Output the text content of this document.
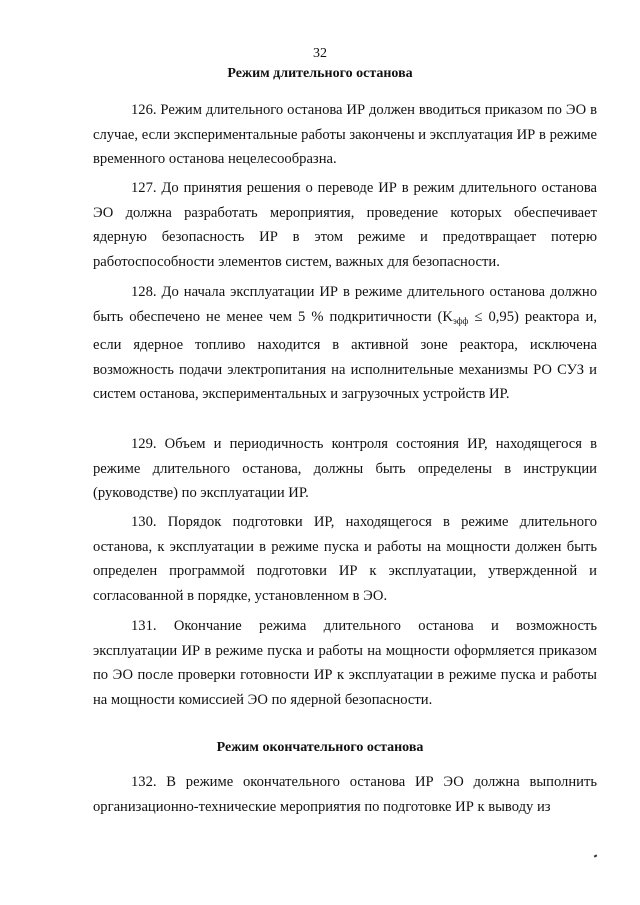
32
Режим длительного останова

126. Режим длительного останова ИР должен вводиться приказом по ЭО в случае, если экспериментальные работы закончены и эксплуатация ИР в режиме временного останова нецелесообразна.

127. До принятия решения о переводе ИР в режим длительного останова ЭО должна разработать мероприятия, проведение которых обеспечивает ядерную безопасность ИР в этом режиме и предотвращает потерю работоспособности элементов систем, важных для безопасности.

128. До начала эксплуатации ИР в режиме длительного останова должно быть обеспечено не менее чем 5 % подкритичности $(K_{эфф} \le 0,95)$ реактора и, если ядерное топливо находится в активной зоне реактора, исключена возможность подачи электропитания на исполнительные механизмы РО СУЗ и систем останова, экспериментальных и загрузочных устройств ИР.

129. Объем и периодичность контроля состояния ИР, находящегося в режиме длительного останова, должны быть определены в инструкции (руководстве) по эксплуатации ИР.

130. Порядок подготовки ИР, находящегося в режиме длительного останова, к эксплуатации в режиме пуска и работы на мощности должен быть определен программой подготовки ИР к эксплуатации, утвержденной и согласованной в порядке, установленном в ЭО.

131. Окончание режима длительного останова и возможность эксплуатации ИР в режиме пуска и работы на мощности оформляется приказом по ЭО после проверки готовности ИР к эксплуатации в режиме пуска и работы на мощности комиссией ЭО по ядерной безопасности.

Режим окончательного останова

132. В режиме окончательного останова ИР ЭО должна выполнить организационно-технические мероприятия по подготовке ИР к выводу из
